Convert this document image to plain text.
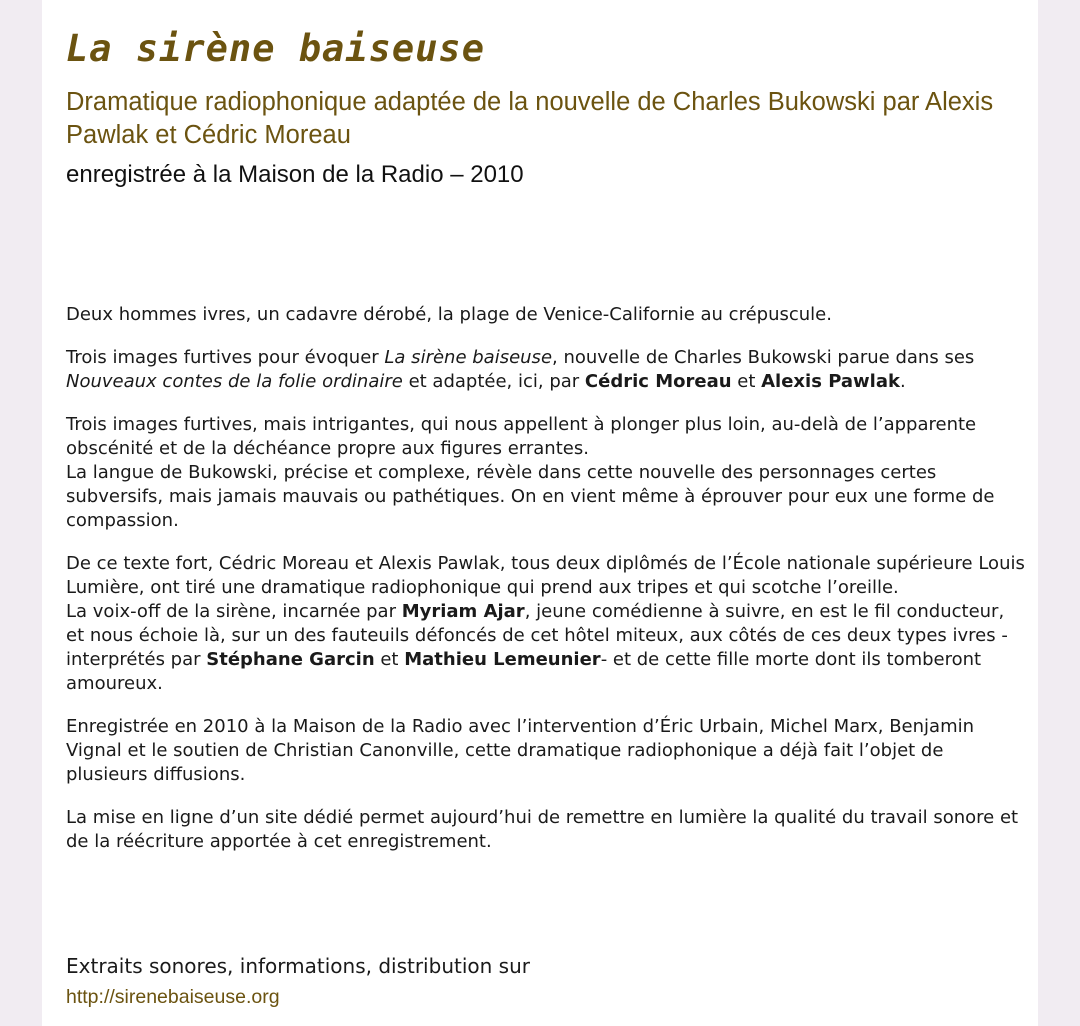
La sirène baiseuse
Dramatique radiophonique adaptée de la nouvelle de Charles Bukowski par Alexis Pawlak et Cédric Moreau

enregistrée à la Maison de la Radio – 2010

Deux hommes ivres, un cadavre dérobé, la plage de Venice-Californie au crépuscule.

Trois images furtives pour évoquer La sirène baiseuse, nouvelle de Charles Bukowski parue dans ses Nouveaux contes de la folie ordinaire et adaptée, ici, par Cédric Moreau et Alexis Pawlak.

Trois images furtives, mais intrigantes, qui nous appellent à plonger plus loin, au-delà de l’apparente obscénité et de la déchéance propre aux figures errantes.
La langue de Bukowski, précise et complexe, révèle dans cette nouvelle des personnages certes subversifs, mais jamais mauvais ou pathétiques. On en vient même à éprouver pour eux une forme de compassion.

De ce texte fort, Cédric Moreau et Alexis Pawlak, tous deux diplômés de l’École nationale supérieure Louis Lumière, ont tiré une dramatique radiophonique qui prend aux tripes et qui scotche l’oreille.
La voix-off de la sirène, incarnée par Myriam Ajar, jeune comédienne à suivre, en est le fil conducteur, et nous échoie là, sur un des fauteuils défoncés de cet hôtel miteux, aux côtés de ces deux types ivres -interprétés par Stéphane Garcin et Mathieu Lemeunier- et de cette fille morte dont ils tomberont amoureux.

Enregistrée en 2010 à la Maison de la Radio avec l’intervention d’Éric Urbain, Michel Marx, Benjamin Vignal et le soutien de Christian Canonville, cette dramatique radiophonique a déjà fait l’objet de plusieurs diffusions.

La mise en ligne d’un site dédié permet aujourd’hui de remettre en lumière la qualité du travail sonore et de la réécriture apportée à cet enregistrement.

Extraits sonores, informations, distribution sur

http://sirenebaiseuse.org
